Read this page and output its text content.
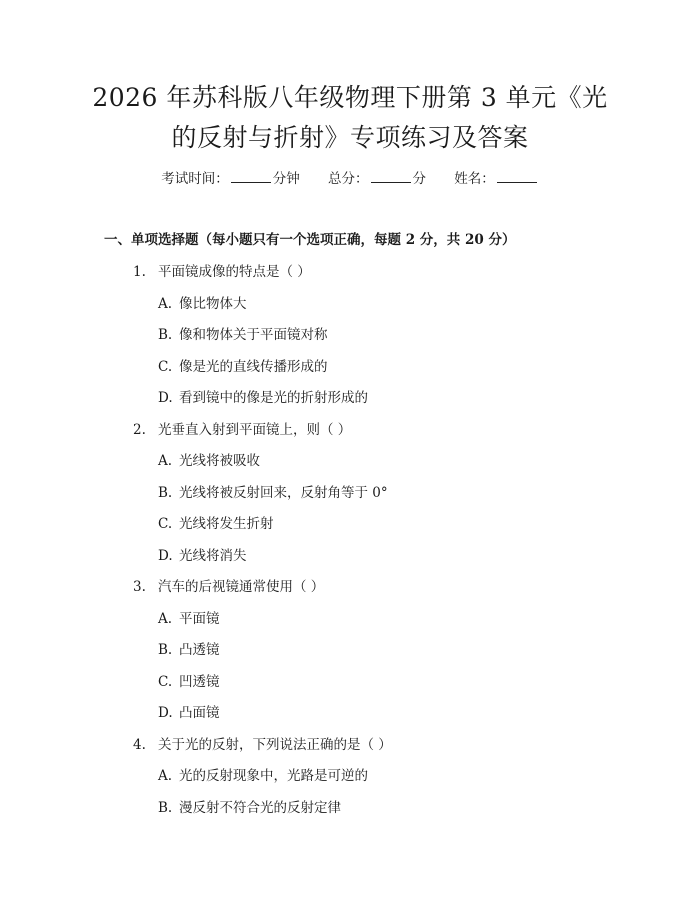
2026 年苏科版八年级物理下册第 3 单元《光
的反射与折射》专项练习及答案
考试时间：	分钟 总分：	分 姓名：
一、单项选择题（每小题只有一个选项正确，每题 2 分，共 20 分）
1. 平面镜成像的特点是（ ）
A. 像比物体大
B. 像和物体关于平面镜对称
C. 像是光的直线传播形成的
D. 看到镜中的像是光的折射形成的
2. 光垂直入射到平面镜上，则（ ）
A. 光线将被吸收
B. 光线将被反射回来，反射角等于 0°
C. 光线将发生折射
D. 光线将消失
3. 汽车的后视镜通常使用（ ）
A. 平面镜
B. 凸透镜
C. 凹透镜
D. 凸面镜
4. 关于光的反射，下列说法正确的是（ ）
A. 光的反射现象中，光路是可逆的
B. 漫反射不符合光的反射定律
